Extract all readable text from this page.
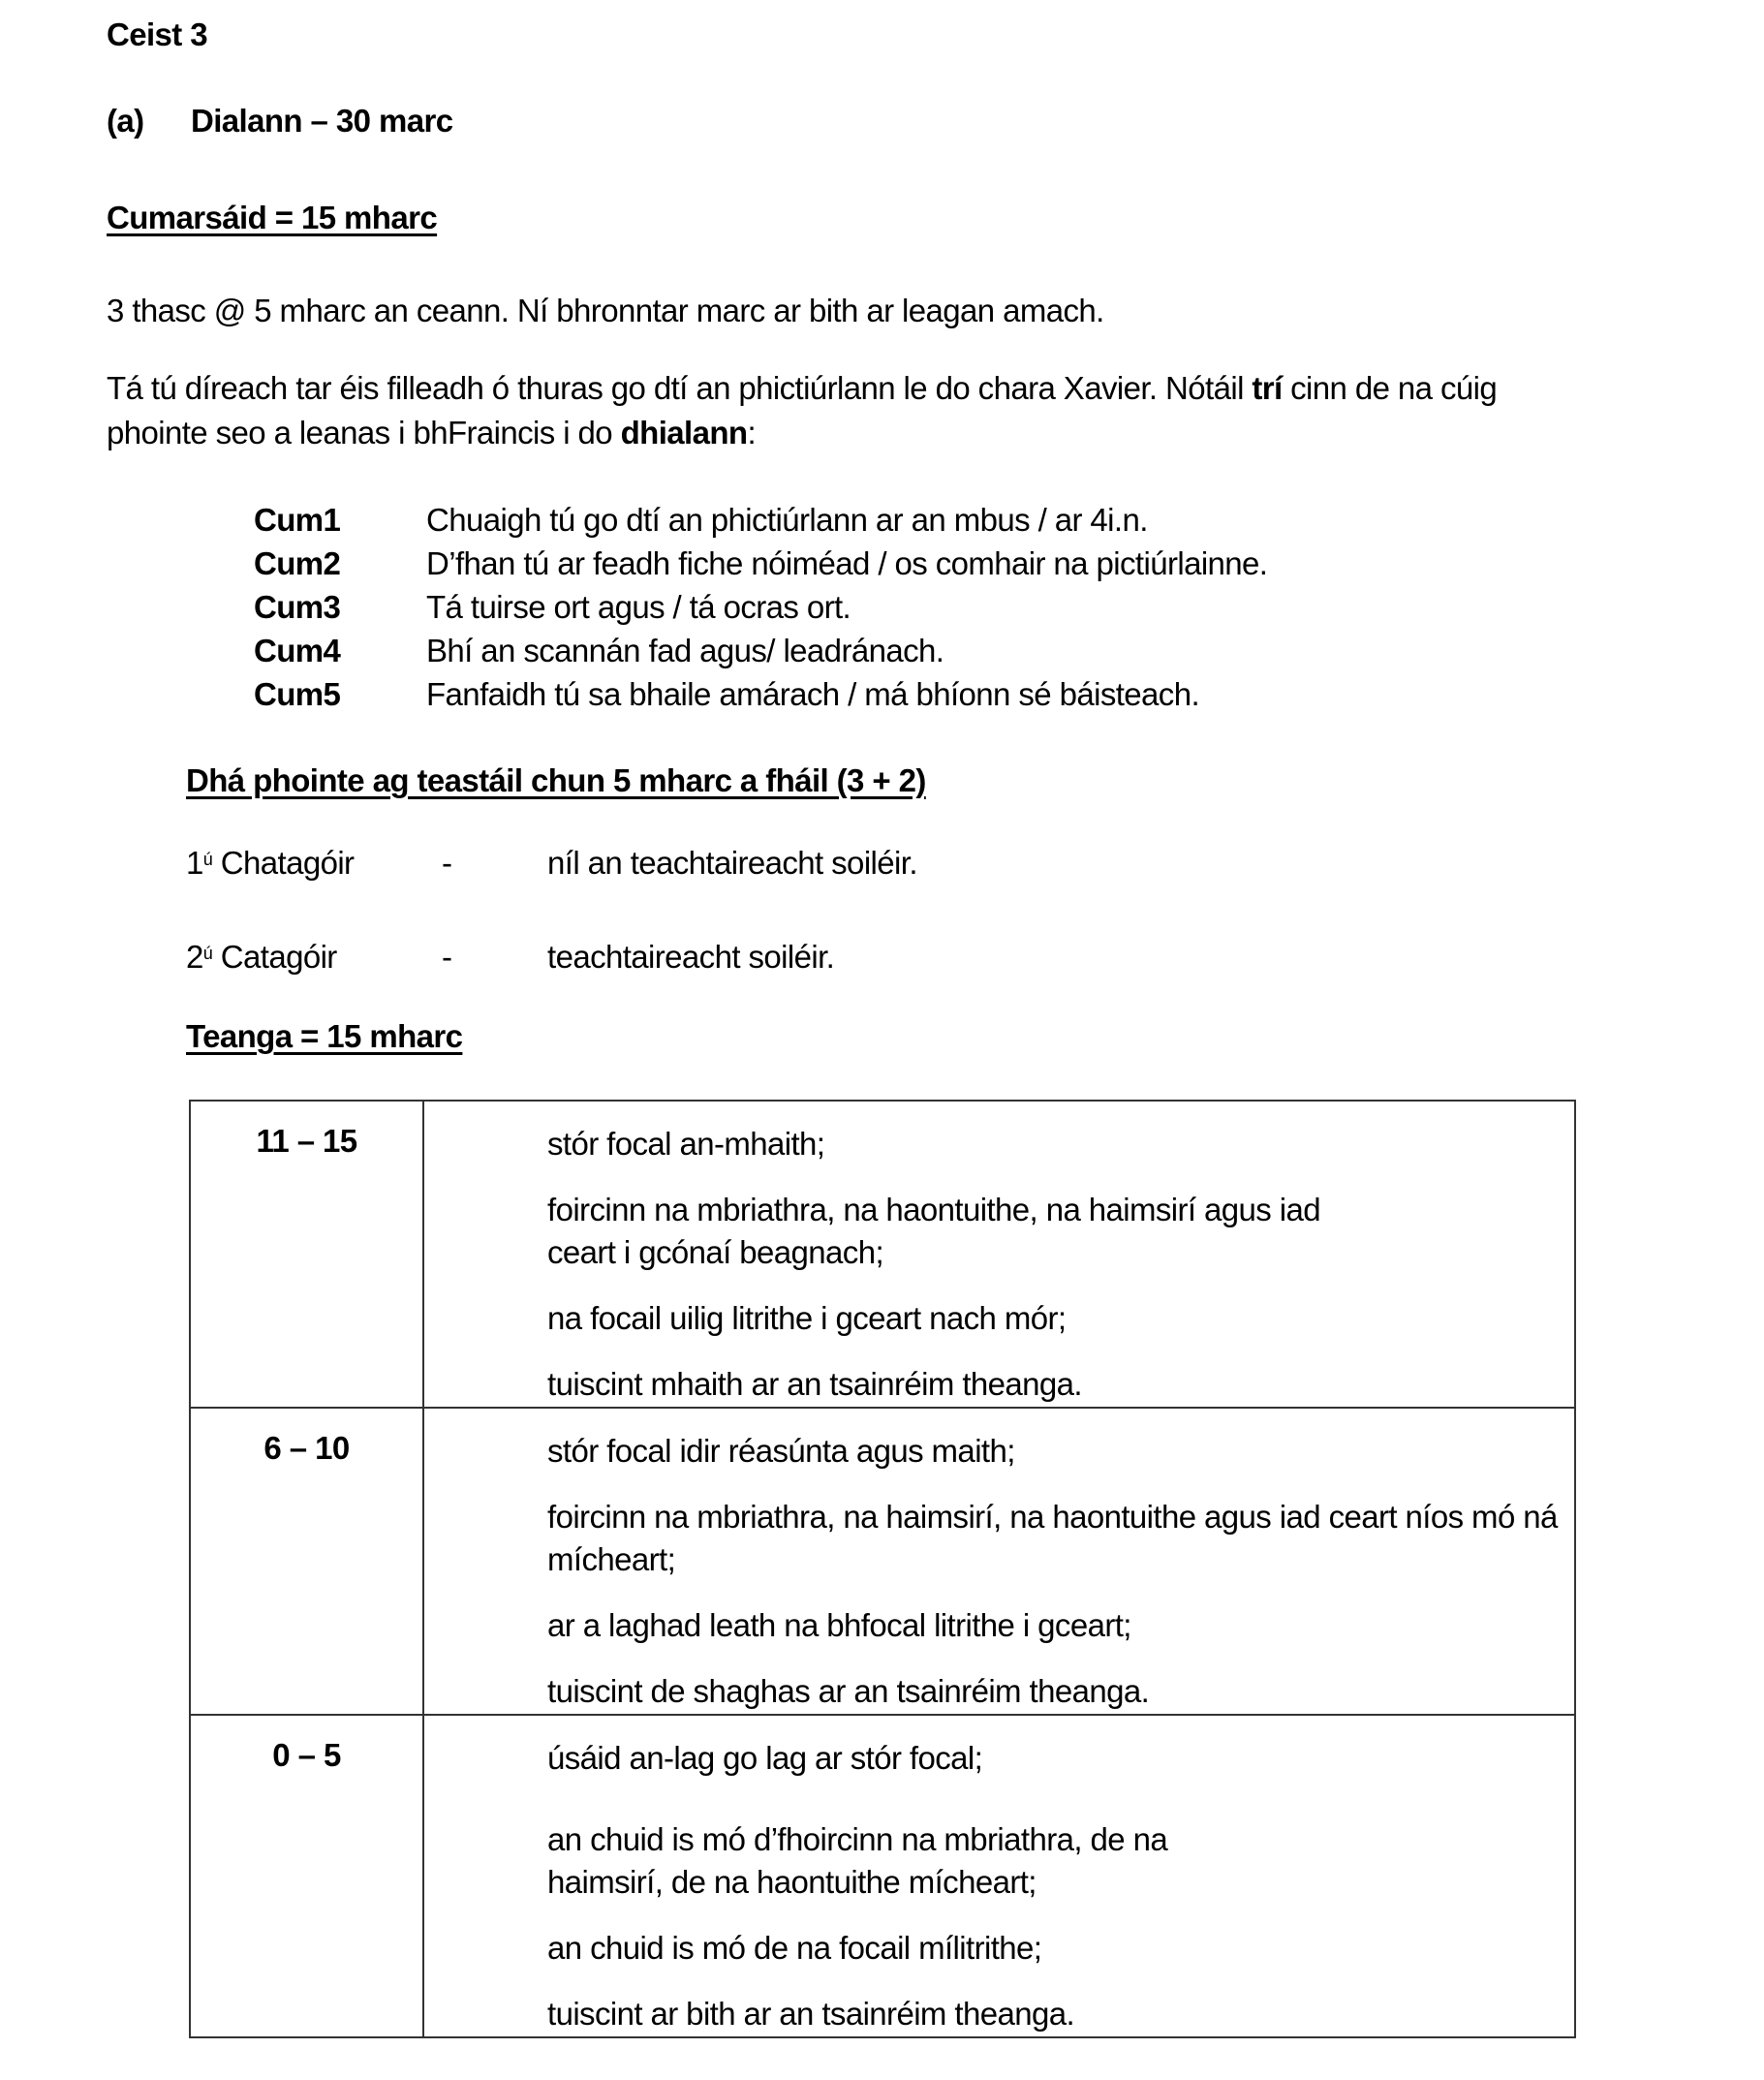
Ceist 3
(a) Dialann – 30 marc
Cumarsáid = 15 mharc
3 thasc @ 5 mharc an ceann. Ní bhronntar marc ar bith ar leagan amach.
Tá tú díreach tar éis filleadh ó thuras go dtí an phictiúrlann le do chara Xavier. Nótáil trí cinn de na cúig
phointe seo a leanas i bhFraincis i do dhialann:
Cum1	Chuaigh tú go dtí an phictiúrlann ar an mbus / ar 4i.n.
Cum2	D’fhan tú ar feadh fiche nóiméad / os comhair na pictiúrlainne.
Cum3	Tá tuirse ort agus / tá ocras ort.
Cum4	Bhí an scannán fad agus/ leadránach.
Cum5	Fanfaidh tú sa bhaile amárach / má bhíonn sé báisteach.
Dhá phointe ag teastáil chun 5 mharc a fháil (3 + 2)
$1^ú$ Chatagóir	-	níl an teachtaireacht soiléir.
$2^ú$ Catagóir	-	teachtaireacht soiléir.
Teanga = 15 mharc
11 – 15	stór focal an-mhaith;
foircinn na mbriathra, na haontuithe, na haimsirí agus iad ceart i gcónaí beagnach;
na focail uilig litrithe i gceart nach mór;
tuiscint mhaith ar an tsainréim theanga.

6 – 10	stór focal idir réasúnta agus maith;
foircinn na mbriathra, na haimsirí, na haontuithe agus iad ceart níos mó ná mícheart;
ar a laghad leath na bhfocal litrithe i gceart;
tuiscint de shaghas ar an tsainréim theanga.

0 – 5	úsáid an-lag go lag ar stór focal;
an chuid is mó d’fhoircinn na mbriathra, de na haimsirí, de na haontuithe mícheart;
an chuid is mó de na focail mílitrithe;
tuiscint ar bith ar an tsainréim theanga.
